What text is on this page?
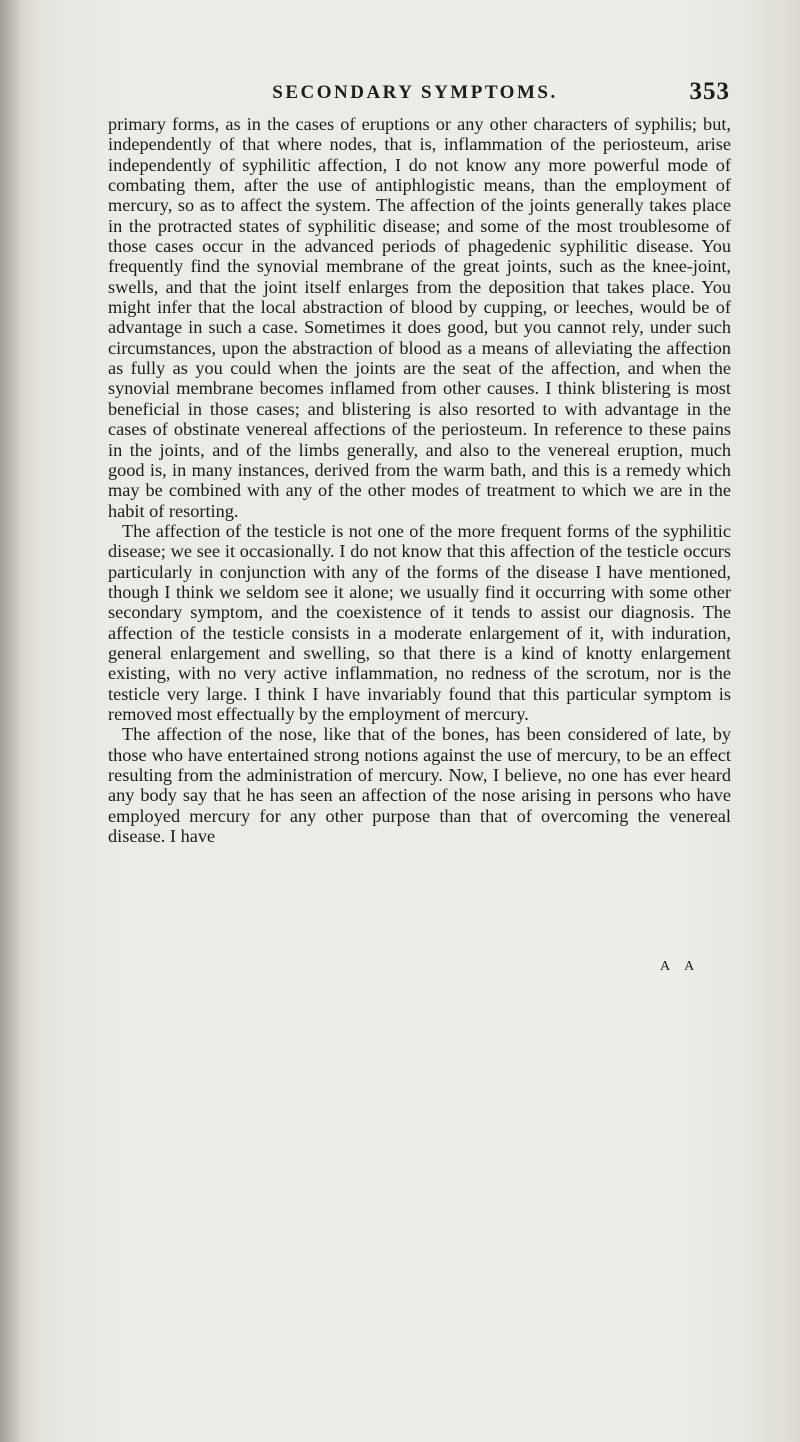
SECONDARY SYMPTOMS.	353

primary forms, as in the cases of eruptions or any other characters of syphilis; but, independently of that where nodes, that is, inflammation of the periosteum, arise independently of syphilitic affection, I do not know any more powerful mode of combating them, after the use of antiphlogistic means, than the employment of mercury, so as to affect the system. The affection of the joints generally takes place in the protracted states of syphilitic disease; and some of the most troublesome of those cases occur in the advanced periods of phagedenic syphilitic disease. You frequently find the synovial membrane of the great joints, such as the knee-joint, swells, and that the joint itself enlarges from the deposition that takes place. You might infer that the local abstraction of blood by cupping, or leeches, would be of advantage in such a case. Sometimes it does good, but you cannot rely, under such circumstances, upon the abstraction of blood as a means of alleviating the affection as fully as you could when the joints are the seat of the affection, and when the synovial membrane becomes inflamed from other causes. I think blistering is most beneficial in those cases; and blistering is also resorted to with advantage in the cases of obstinate venereal affections of the periosteum. In reference to these pains in the joints, and of the limbs generally, and also to the venereal eruption, much good is, in many instances, derived from the warm bath, and this is a remedy which may be combined with any of the other modes of treatment to which we are in the habit of resorting.

The affection of the testicle is not one of the more frequent forms of the syphilitic disease; we see it occasionally. I do not know that this affection of the testicle occurs particularly in conjunction with any of the forms of the disease I have mentioned, though I think we seldom see it alone; we usually find it occurring with some other secondary symptom, and the coexistence of it tends to assist our diagnosis. The affection of the testicle consists in a moderate enlargement of it, with induration, general enlargement and swelling, so that there is a kind of knotty enlargement existing, with no very active inflammation, no redness of the scrotum, nor is the testicle very large. I think I have invariably found that this particular symptom is removed most effectually by the employment of mercury.

The affection of the nose, like that of the bones, has been considered of late, by those who have entertained strong notions against the use of mercury, to be an effect resulting from the administration of mercury. Now, I believe, no one has ever heard any body say that he has seen an affection of the nose arising in persons who have employed mercury for any other purpose than that of overcoming the venereal disease. I have

A A
